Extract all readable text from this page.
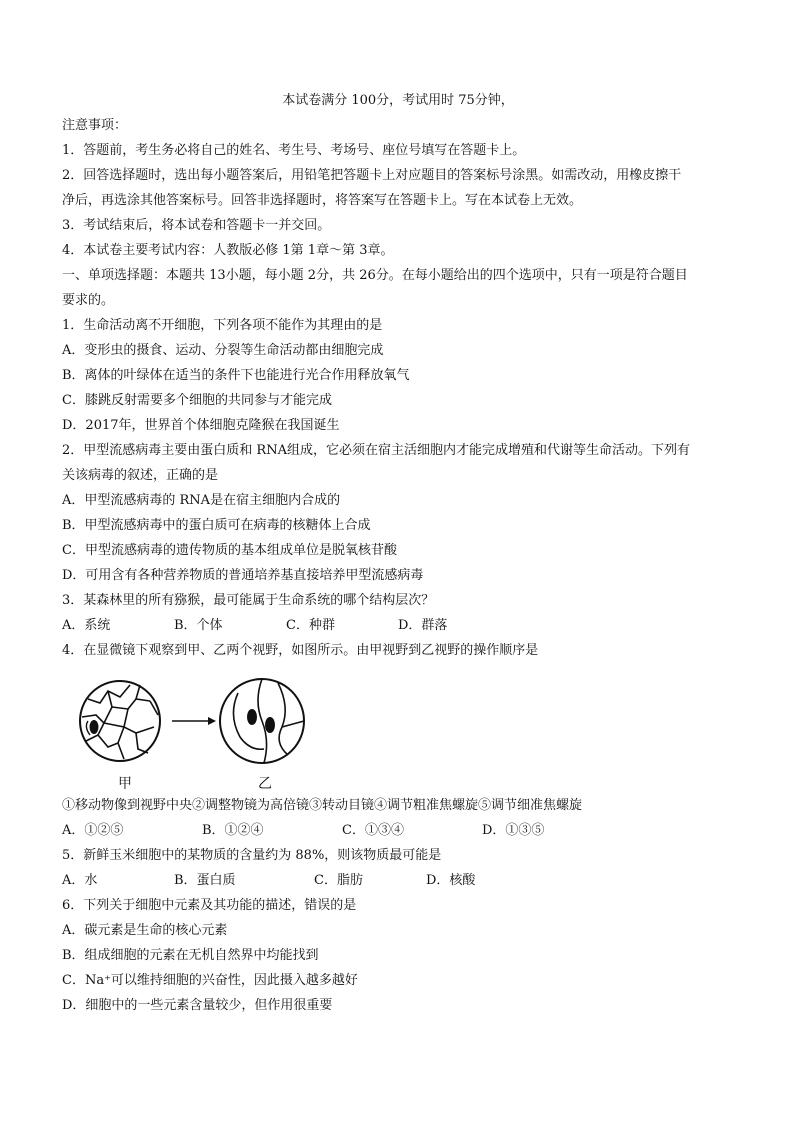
本试卷满分 100分，考试用时 75分钟，
注意事项：
1．答题前，考生务必将自己的姓名、考生号、考场号、座位号填写在答题卡上。
2．回答选择题时，选出每小题答案后，用铅笔把答题卡上对应题目的答案标号涂黑。如需改动，用橡皮擦干
净后，再选涂其他答案标号。回答非选择题时，将答案写在答题卡上。写在本试卷上无效。
3．考试结束后，将本试卷和答题卡一并交回。
4．本试卷主要考试内容：人教版必修 1第 1章～第 3章。
一、单项选择题：本题共 13小题，每小题 2分，共 26分。在每小题给出的四个选项中，只有一项是符合题目
要求的。
1．生命活动离不开细胞，下列各项不能作为其理由的是
A．变形虫的摄食、运动、分裂等生命活动都由细胞完成
B．离体的叶绿体在适当的条件下也能进行光合作用释放氧气
C．膝跳反射需要多个细胞的共同参与才能完成
D．2017年，世界首个体细胞克隆猴在我国诞生
2．甲型流感病毒主要由蛋白质和 RNA组成，它必须在宿主活细胞内才能完成增殖和代谢等生命活动。下列有
关该病毒的叙述，正确的是
A．甲型流感病毒的 RNA是在宿主细胞内合成的
B．甲型流感病毒中的蛋白质可在病毒的核糖体上合成
C．甲型流感病毒的遗传物质的基本组成单位是脱氧核苷酸
D．可用含有各种营养物质的普通培养基直接培养甲型流感病毒
3．某森林里的所有猕猴，最可能属于生命系统的哪个结构层次？
A．系统	B．个体	C．种群	D．群落
4．在显微镜下观察到甲、乙两个视野，如图所示。由甲视野到乙视野的操作顺序是
甲	乙
①移动物像到视野中央②调整物镜为高倍镜③转动目镜④调节粗准焦螺旋⑤调节细准焦螺旋
A．①②⑤	B．①②④	C．①③④	D．①③⑤
5．新鲜玉米细胞中的某物质的含量约为 88%，则该物质最可能是
A．水	B．蛋白质	C．脂肪	D．核酸
6．下列关于细胞中元素及其功能的描述，错误的是
A．碳元素是生命的核心元素
B．组成细胞的元素在无机自然界中均能找到
C．Na⁺可以维持细胞的兴奋性，因此摄入越多越好
D．细胞中的一些元素含量较少，但作用很重要
